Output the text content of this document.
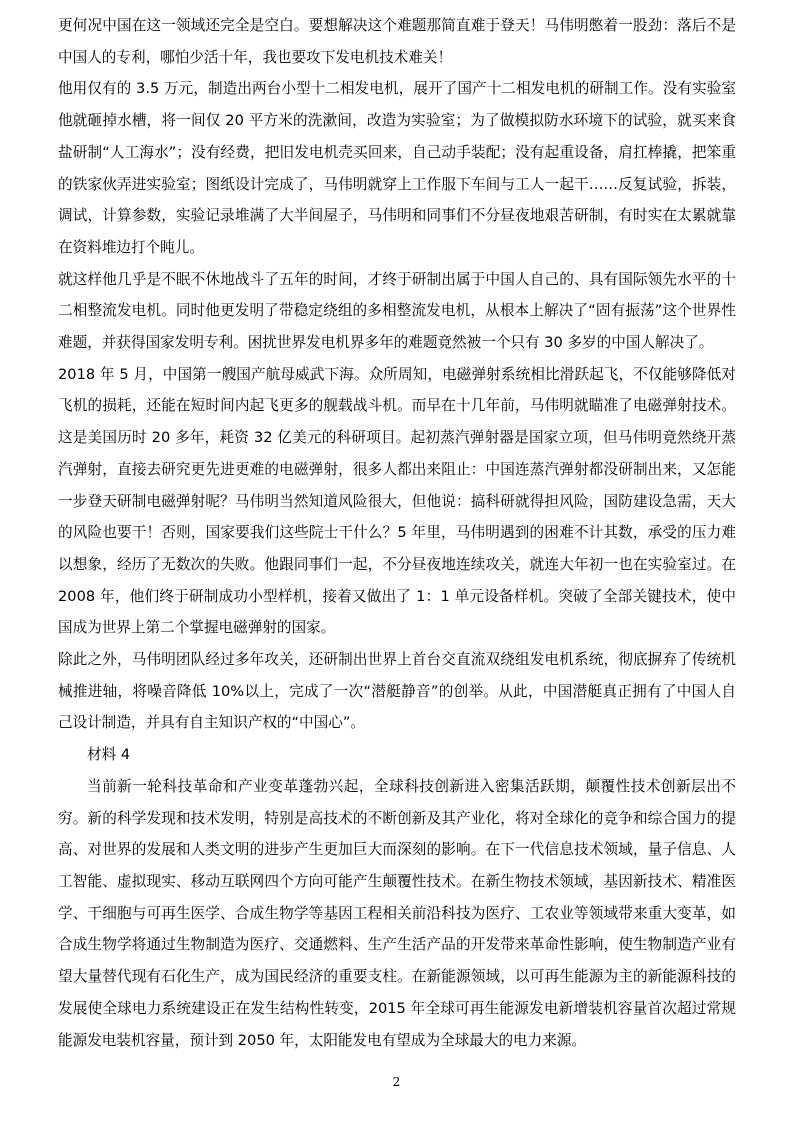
更何况中国在这一领域还完全是空白。要想解决这个难题那简直难于登天！马伟明憋着一股劲：落后不是中国人的专利，哪怕少活十年，我也要攻下发电机技术难关！

他用仅有的 3.5 万元，制造出两台小型十二相发电机，展开了国产十二相发电机的研制工作。没有实验室他就砸掉水槽，将一间仅 20 平方米的洗漱间，改造为实验室；为了做模拟防水环境下的试验，就买来食盐研制“人工海水”；没有经费，把旧发电机壳买回来，自己动手装配；没有起重设备，肩扛棒撬，把笨重的铁家伙弄进实验室；图纸设计完成了，马伟明就穿上工作服下车间与工人一起干……反复试验，拆装，调试，计算参数，实验记录堆满了大半间屋子，马伟明和同事们不分昼夜地艰苦研制，有时实在太累就靠在资料堆边打个盹儿。

就这样他几乎是不眠不休地战斗了五年的时间，才终于研制出属于中国人自己的、具有国际领先水平的十二相整流发电机。同时他更发明了带稳定绕组的多相整流发电机，从根本上解决了“固有振荡”这个世界性难题，并获得国家发明专利。困扰世界发电机界多年的难题竟然被一个只有 30 多岁的中国人解决了。

2018 年 5 月，中国第一艘国产航母威武下海。众所周知，电磁弹射系统相比滑跃起飞，不仅能够降低对飞机的损耗，还能在短时间内起飞更多的舰载战斗机。而早在十几年前，马伟明就瞄准了电磁弹射技术。这是美国历时 20 多年，耗资 32 亿美元的科研项目。起初蒸汽弹射器是国家立项，但马伟明竟然绕开蒸汽弹射，直接去研究更先进更难的电磁弹射，很多人都出来阻止：中国连蒸汽弹射都没研制出来，又怎能一步登天研制电磁弹射呢？马伟明当然知道风险很大，但他说：搞科研就得担风险，国防建设急需，天大的风险也要干！否则，国家要我们这些院士干什么？5 年里，马伟明遇到的困难不计其数，承受的压力难以想象，经历了无数次的失败。他跟同事们一起，不分昼夜地连续攻关，就连大年初一也在实验室过。在 2008 年，他们终于研制成功小型样机，接着又做出了 1：1 单元设备样机。突破了全部关键技术，使中国成为世界上第二个掌握电磁弹射的国家。

除此之外，马伟明团队经过多年攻关，还研制出世界上首台交直流双绕组发电机系统，彻底摒弃了传统机械推进轴，将噪音降低 10%以上，完成了一次“潜艇静音”的创举。从此，中国潜艇真正拥有了中国人自己设计制造，并具有自主知识产权的“中国心”。

材料 4

当前新一轮科技革命和产业变革蓬勃兴起，全球科技创新进入密集活跃期，颠覆性技术创新层出不穷。新的科学发现和技术发明，特别是高技术的不断创新及其产业化，将对全球化的竞争和综合国力的提高、对世界的发展和人类文明的进步产生更加巨大而深刻的影响。在下一代信息技术领域，量子信息、人工智能、虚拟现实、移动互联网四个方向可能产生颠覆性技术。在新生物技术领域，基因新技术、精准医学、干细胞与可再生医学、合成生物学等基因工程相关前沿科技为医疗、工农业等领域带来重大变革，如合成生物学将通过生物制造为医疗、交通燃料、生产生活产品的开发带来革命性影响，使生物制造产业有望大量替代现有石化生产，成为国民经济的重要支柱。在新能源领域，以可再生能源为主的新能源科技的发展使全球电力系统建设正在发生结构性转变，2015 年全球可再生能源发电新增装机容量首次超过常规能源发电装机容量，预计到 2050 年，太阳能发电有望成为全球最大的电力来源。

2
